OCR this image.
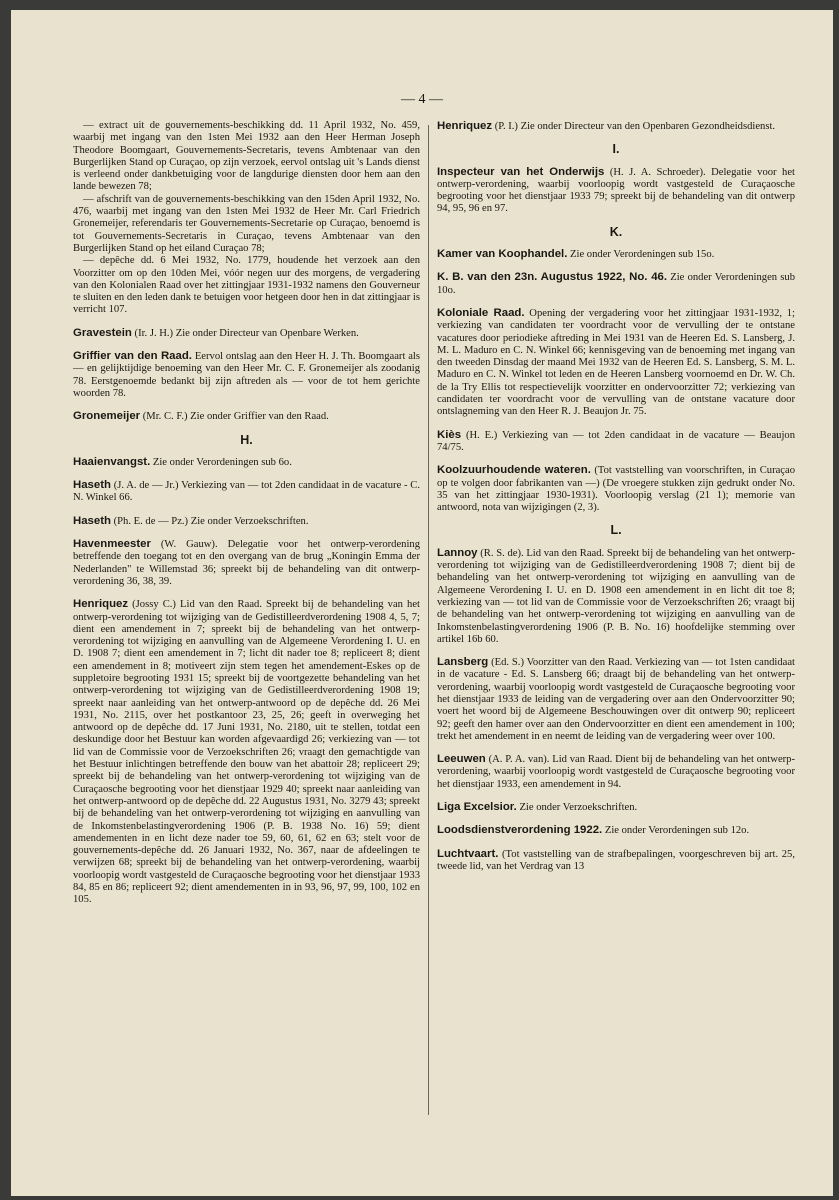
— 4 —

— extract uit de gouvernements-beschikking dd. 11 April 1932, No. 459, waarbij met ingang van den 1sten Mei 1932 aan den Heer Herman Joseph Theodore Boomgaart, Gouvernements-Secretaris, tevens Ambtenaar van den Burgerlijken Stand op Curaçao, op zijn verzoek, eervol ontslag uit 's Lands dienst is verleend onder dankbetuiging voor de langdurige diensten door hem aan den lande bewezen 78;

— afschrift van de gouvernements-beschikking van den 15den April 1932, No. 476, waarbij met ingang van den 1sten Mei 1932 de Heer Mr. Carl Friedrich Gronemeijer, referendaris ter Gouvernements-Secretarie op Curaçao, benoemd is tot Gouvernements-Secretaris in Curaçao, tevens Ambtenaar van den Burgerlijken Stand op het eiland Curaçao 78;

— depêche dd. 6 Mei 1932, No. 1779, houdende het verzoek aan den Voorzitter om op den 10den Mei, vóór negen uur des morgens, de vergadering van den Kolonialen Raad over het zittingjaar 1931-1932 namens den Gouverneur te sluiten en den leden dank te betuigen voor hetgeen door hen in dat zittingjaar is verricht 107.

Gravestein (Ir. J. H.) Zie onder Directeur van Openbare Werken.
Griffier van den Raad. Eervol ontslag aan den Heer H. J. Th. Boomgaart als — en gelijktijdige benoeming van den Heer Mr. C. F. Gronemeijer als zoodanig 78. Eerstgenoemde bedankt bij zijn aftreden als — voor de tot hem gerichte woorden 78.
Gronemeijer (Mr. C. F.) Zie onder Griffier van den Raad.
H.
Haaienvangst. Zie onder Verordeningen sub 6o.
Haseth (J. A. de — Jr.) Verkiezing van — tot 2den candidaat in de vacature - C. N. Winkel 66.
Haseth (Ph. E. de — Pz.) Zie onder Verzoekschriften.
Havenmeester (W. Gauw). Delegatie voor het ontwerp-verordening betreffende den toegang tot en den overgang van de brug „Koningin Emma der Nederlanden" te Willemstad 36; spreekt bij de behandeling van dit ontwerp-verordening 36, 38, 39.
Henriquez (Jossy C.) Lid van den Raad. Spreekt bij de behandeling van het ontwerp-verordening tot wijziging van de Gedistilleerdverordening 1908 4, 5, 7; dient een amendement in 7; spreekt bij de behandeling van het ontwerp-verordening tot wijziging en aanvulling van de Algemeene Verordening I. U. en D. 1908 7; dient een amendement in 7; licht dit nader toe 8; repliceert 8; dient een amendement in 8; motiveert zijn stem tegen het amendement-Eskes op de suppletoire begrooting 1931 15; spreekt bij de voortgezette behandeling van het ontwerp-verordening tot wijziging van de Gedistilleerdverordening 1908 19; spreekt naar aanleiding van het ontwerp-antwoord op de depêche dd. 26 Mei 1931, No. 2115, over het postkantoor 23, 25, 26; geeft in overweging het antwoord op de depêche dd. 17 Juni 1931, No. 2180, uit te stellen, totdat een deskundige door het Bestuur kan worden afgevaardigd 26; verkiezing van — tot lid van de Commissie voor de Verzoekschriften 26; vraagt den gemachtigde van het Bestuur inlichtingen betreffende den bouw van het abattoir 28; repliceert 29; spreekt bij de behandeling van het ontwerp-verordening tot wijziging van de Curaçaosche begrooting voor het dienstjaar 1929 40; spreekt naar aanleiding van het ontwerp-antwoord op de depêche dd. 22 Augustus 1931, No. 3279 43; spreekt bij de behandeling van het ontwerp-verordening tot wijziging en aanvulling van de Inkomstenbelastingverordening 1906 (P. B. 1938 No. 16) 59; dient amendementen in en licht deze nader toe 59, 60, 61, 62 en 63; stelt voor de gouvernements-depêche dd. 26 Januari 1932, No. 367, naar de afdeelingen te verwijzen 68; spreekt bij de behandeling van het ontwerp-verordening, waarbij voorloopig wordt vastgesteld de Curaçaosche begrooting voor het dienstjaar 1933 84, 85 en 86; repliceert 92; dient amendementen in in 93, 96, 97, 99, 100, 102 en 105.
Henriquez (P. I.) Zie onder Directeur van den Openbaren Gezondheidsdienst.
I.
Inspecteur van het Onderwijs (H. J. A. Schroeder). Delegatie voor het ontwerp-verordening, waarbij voorloopig wordt vastgesteld de Curaçaosche begrooting voor het dienstjaar 1933 79; spreekt bij de behandeling van dit ontwerp 94, 95, 96 en 97.
K.
Kamer van Koophandel. Zie onder Verordeningen sub 15o.
K. B. van den 23n. Augustus 1922, No. 46. Zie onder Verordeningen sub 10o.
Koloniale Raad. Opening der vergadering voor het zittingjaar 1931-1932, 1; verkiezing van candidaten ter voordracht voor de vervulling der te ontstane vacatures door periodieke aftreding in Mei 1931 van de Heeren Ed. S. Lansberg, J. M. L. Maduro en C. N. Winkel 66; kennisgeving van de benoeming met ingang van den tweeden Dinsdag der maand Mei 1932 van de Heeren Ed. S. Lansberg, S. M. L. Maduro en C. N. Winkel tot leden en de Heeren Lansberg voornoemd en Dr. W. Ch. de la Try Ellis tot respectievelijk voorzitter en ondervoorzitter 72; verkiezing van candidaten ter voordracht voor de vervulling van de ontstane vacature door ontslagneming van den Heer R. J. Beaujon Jr. 75.
Kiès (H. E.) Verkiezing van — tot 2den candidaat in de vacature — Beaujon 74/75.
Koolzuurhoudende wateren. (Tot vaststelling van voorschriften, in Curaçao op te volgen door fabrikanten van —) (De vroegere stukken zijn gedrukt onder No. 35 van het zittingjaar 1930-1931). Voorloopig verslag (21 1); memorie van antwoord, nota van wijzigingen (2, 3).
L.
Lannoy (R. S. de). Lid van den Raad. Spreekt bij de behandeling van het ontwerp-verordening tot wijziging van de Gedistilleerdverordening 1908 7; dient bij de behandeling van het ontwerp-verordening tot wijziging en aanvulling van de Algemeene Verordening I. U. en D. 1908 een amendement in en licht dit toe 8; verkiezing van — tot lid van de Commissie voor de Verzoekschriften 26; vraagt bij de behandeling van het ontwerp-verordening tot wijziging en aanvulling van de Inkomstenbelastingverordening 1906 (P. B. No. 16) hoofdelijke stemming over artikel 16b 60.
Lansberg (Ed. S.) Voorzitter van den Raad. Verkiezing van — tot 1sten candidaat in de vacature - Ed. S. Lansberg 66; draagt bij de behandeling van het ontwerp-verordening, waarbij voorloopig wordt vastgesteld de Curaçaosche begrooting voor het dienstjaar 1933 de leiding van de vergadering over aan den Ondervoorzitter 90; voert het woord bij de Algemeene Beschouwingen over dit ontwerp 90; repliceert 92; geeft den hamer over aan den Ondervoorzitter en dient een amendement in 100; trekt het amendement in en neemt de leiding van de vergadering weer over 100.
Leeuwen (A. P. A. van). Lid van Raad. Dient bij de behandeling van het ontwerp-verordening, waarbij voorloopig wordt vastgesteld de Curaçaosche begrooting voor het dienstjaar 1933, een amendement in 94.
Liga Excelsior. Zie onder Verzoekschriften.
Loodsdienstverordening 1922. Zie onder Verordeningen sub 12o.
Luchtvaart. (Tot vaststelling van de strafbepalingen, voorgeschreven bij art. 25, tweede lid, van het Verdrag van 13
